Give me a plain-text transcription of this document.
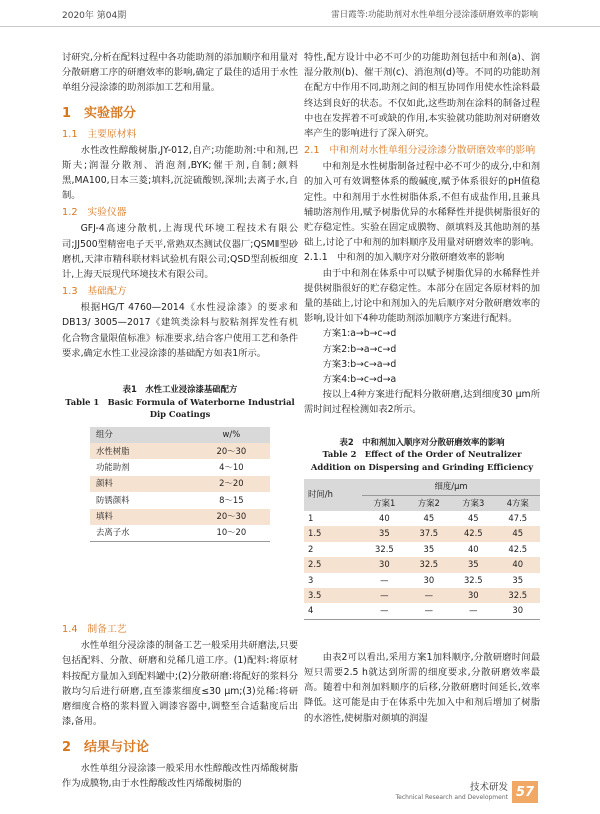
2020年 第04期	雷日霞等:功能助剂对水性单组分浸涂漆研磨效率的影响

讨研究,分析在配料过程中各功能助剂的添加顺序和用量对分散研磨工序的研磨效率的影响,确定了最佳的适用于水性单组分浸涂漆的助剂添加工艺和用量。

1　实验部分
1.1　主要原材料

水性改性醇酸树脂,JY-012,自产;功能助剂:中和剂,巴斯夫;润湿分散剂、消泡剂,BYK;催干剂,自制;颜料黑,MA100,日本三菱;填料,沉淀硫酸钡,深圳;去离子水,自制。

1.2　实验仪器

GFJ-4高速分散机,上海现代环境工程技术有限公司;JJ500型精密电子天平,常熟双杰测试仪器厂;QSMⅡ型砂磨机,天津市精科联材料试验机有限公司;QSD型刮板细度计,上海天辰现代环境技术有限公司。

1.3　基础配方

根据HG/T 4760—2014《水性浸涂漆》的要求和DB13/ 3005—2017《建筑类涂料与胶粘剂挥发性有机化合物含量限值标准》标准要求,结合客户使用工艺和条件要求,确定水性工业浸涂漆的基础配方如表1所示。

表1　水性工业浸涂漆基础配方

Table 1　Basic Formula of Waterborne Industrial Dip Coatings

组分	w/%
水性树脂	20～30
功能助剂	4～10
颜料	2～20
防锈颜料	8～15
填料	20～30
去离子水	10～20
1.4　制备工艺

水性单组分浸涂漆的制备工艺一般采用共研磨法,只要包括配料、分散、研磨和兑稀几道工序。(1)配料:将原材料按配方量加入到配料罐中;(2)分散研磨:将配好的浆料分散均匀后进行研磨,直至漆浆细度≤30 μm;(3)兑稀:将研磨细度合格的浆料置入调漆容器中,调整至合适黏度后出漆,备用。

2　结果与讨论

水性单组分浸涂漆一般采用水性醇酸改性丙烯酸树脂作为成膜物,由于水性醇酸改性丙烯酸树脂的

特性,配方设计中必不可少的功能助剂包括中和剂(a)、润湿分散剂(b)、催干剂(c)、消泡剂(d)等。不同的功能助剂在配方中作用不同,助剂之间的相互协同作用使水性涂料最终达到良好的状态。不仅如此,这些助剂在涂料的制备过程中也在发挥着不可或缺的作用,本实验就功能助剂对研磨效率产生的影响进行了深入研究。

2.1　中和剂对水性单组分浸涂漆分散研磨效率的影响

中和剂是水性树脂制备过程中必不可少的成分,中和剂的加入可有效调整体系的酸碱度,赋予体系很好的pH值稳定性。中和剂用于水性树脂体系,不但有成盐作用,且兼具辅助溶剂作用,赋予树脂优异的水稀释性并提供树脂很好的贮存稳定性。实验在固定成膜物、颜填料及其他助剂的基础上,讨论了中和剂的加料顺序及用量对研磨效率的影响。

2.1.1　中和剂的加入顺序对分散研磨效率的影响

由于中和剂在体系中可以赋予树脂优异的水稀释性并提供树脂很好的贮存稳定性。本部分在固定各原材料的加量的基础上,讨论中和剂加入的先后顺序对分散研磨效率的影响,设计如下4种功能助剂添加顺序方案进行配料。

方案1:a→b→c→d

方案2:b→a→c→d

方案3:b→c→a→d

方案4:b→c→d→a

按以上4种方案进行配料分散研磨,达到细度30 μm所需时间过程检测如表2所示。

表2　中和剂加入顺序对分散研磨效率的影响

Table 2　Effect of the Order of Neutralizer Addition on Dispersing and Grinding Efficiency

时间/h	细度/μm			
	方案1	方案2	方案3	4方案
1	40	45	45	47.5
1.5	35	37.5	42.5	45
2	32.5	35	40	42.5
2.5	30	32.5	35	40
3	—	30	32.5	35
3.5	—	—	30	32.5
4	—	—	—	30

由表2可以看出,采用方案1加料顺序,分散研磨时间最短只需要2.5 h就达到所需的细度要求,分散研磨效率最高。随着中和剂加料顺序的后移,分散研磨时间延长,效率降低。这可能是由于在体系中先加入中和剂后增加了树脂的水溶性,使树脂对颜填的润湿

技术研发
Technical Research and Development 57
